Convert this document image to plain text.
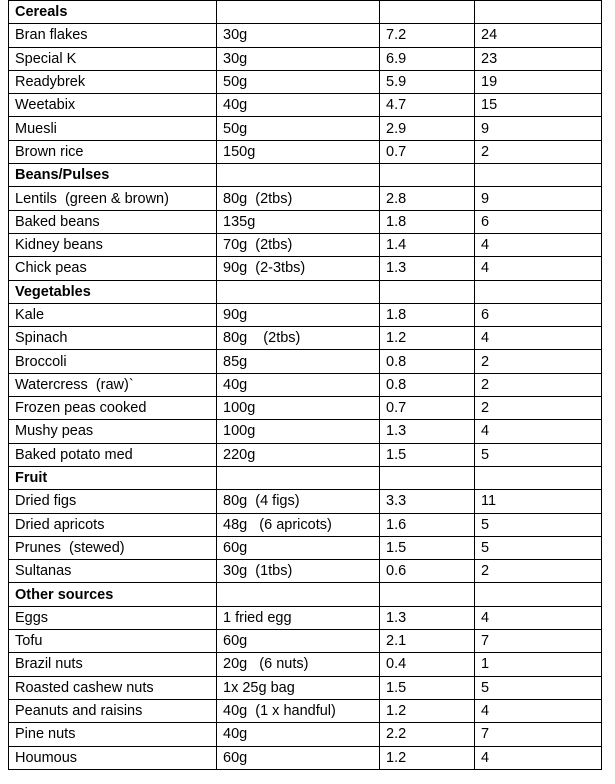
Cereals			
Bran flakes	30g	7.2	24
Special K	30g	6.9	23
Readybrek	50g	5.9	19
Weetabix	40g	4.7	15
Muesli	50g	2.9	9
Brown rice	150g	0.7	2
Beans/Pulses			
Lentils  (green & brown)	80g  (2tbs)	2.8	9
Baked beans	135g	1.8	6
Kidney beans	70g  (2tbs)	1.4	4
Chick peas	90g  (2-3tbs)	1.3	4
Vegetables			
Kale	90g	1.8	6
Spinach	80g    (2tbs)	1.2	4
Broccoli	85g	0.8	2
Watercress  (raw)`	40g	0.8	2
Frozen peas cooked	100g	0.7	2
Mushy peas	100g	1.3	4
Baked potato med	220g	1.5	5
Fruit			
Dried figs	80g  (4 figs)	3.3	11
Dried apricots	48g   (6 apricots)	1.6	5
Prunes  (stewed)	60g	1.5	5
Sultanas	30g  (1tbs)	0.6	2
Other sources			
Eggs	1 fried egg	1.3	4
Tofu	60g	2.1	7
Brazil nuts	20g   (6 nuts)	0.4	1
Roasted cashew nuts	1x 25g bag	1.5	5
Peanuts and raisins	40g  (1 x handful)	1.2	4
Pine nuts	40g	2.2	7
Houmous	60g	1.2	4
